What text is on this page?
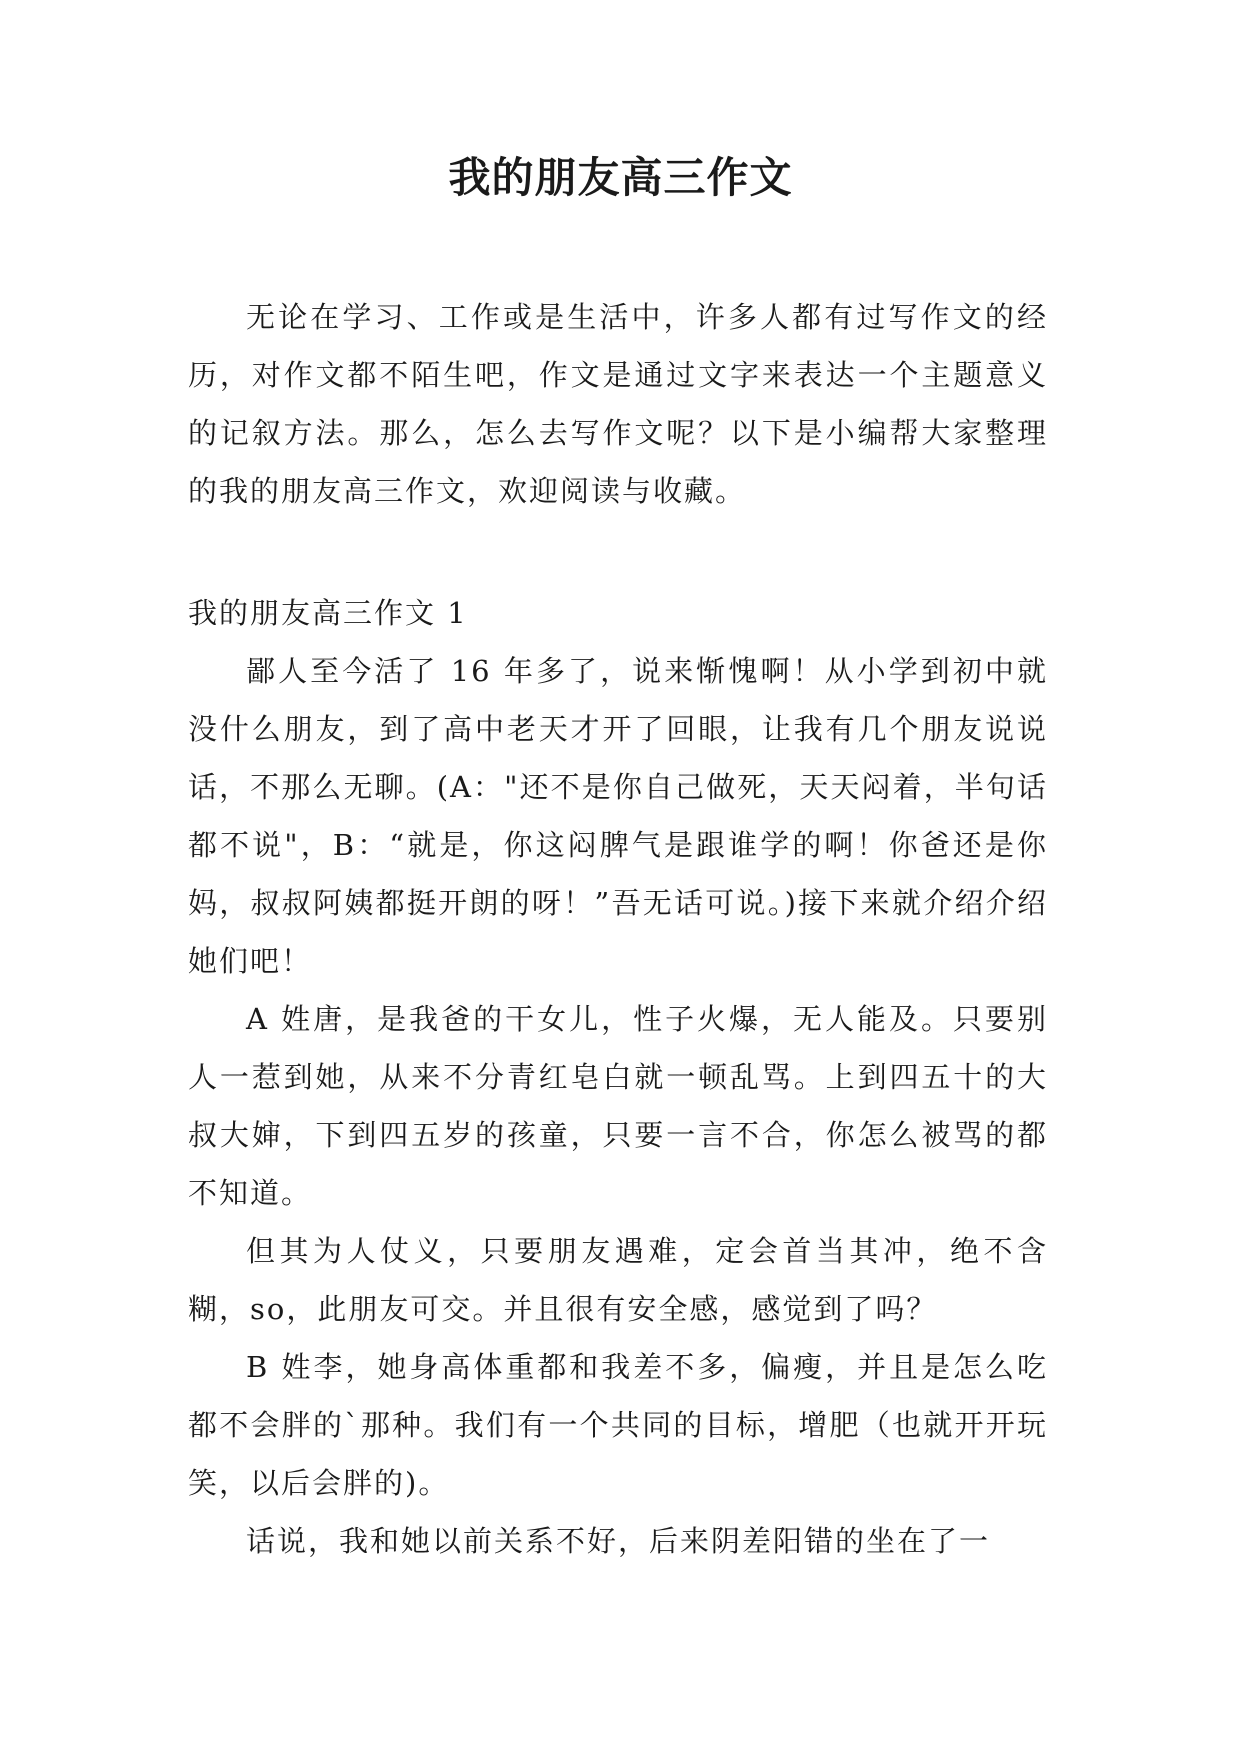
我的朋友高三作文

无论在学习、工作或是生活中，许多人都有过写作文的经历，对作文都不陌生吧，作文是通过文字来表达一个主题意义的记叙方法。那么，怎么去写作文呢？以下是小编帮大家整理的我的朋友高三作文，欢迎阅读与收藏。

我的朋友高三作文 1

鄙人至今活了 16 年多了，说来惭愧啊！从小学到初中就没什么朋友，到了高中老天才开了回眼，让我有几个朋友说说话，不那么无聊。(A："还不是你自己做死，天天闷着，半句话都不说"，B：“就是，你这闷脾气是跟谁学的啊！你爸还是你妈，叔叔阿姨都挺开朗的呀！”吾无话可说。)接下来就介绍介绍她们吧！

A 姓唐，是我爸的干女儿，性子火爆，无人能及。只要别人一惹到她，从来不分青红皂白就一顿乱骂。上到四五十的大叔大婶，下到四五岁的孩童，只要一言不合，你怎么被骂的都不知道。

但其为人仗义，只要朋友遇难，定会首当其冲，绝不含糊，so，此朋友可交。并且很有安全感，感觉到了吗？

B 姓李，她身高体重都和我差不多，偏瘦，并且是怎么吃都不会胖的`那种。我们有一个共同的目标，增肥（也就开开玩笑，以后会胖的)。

话说，我和她以前关系不好，后来阴差阳错的坐在了一
